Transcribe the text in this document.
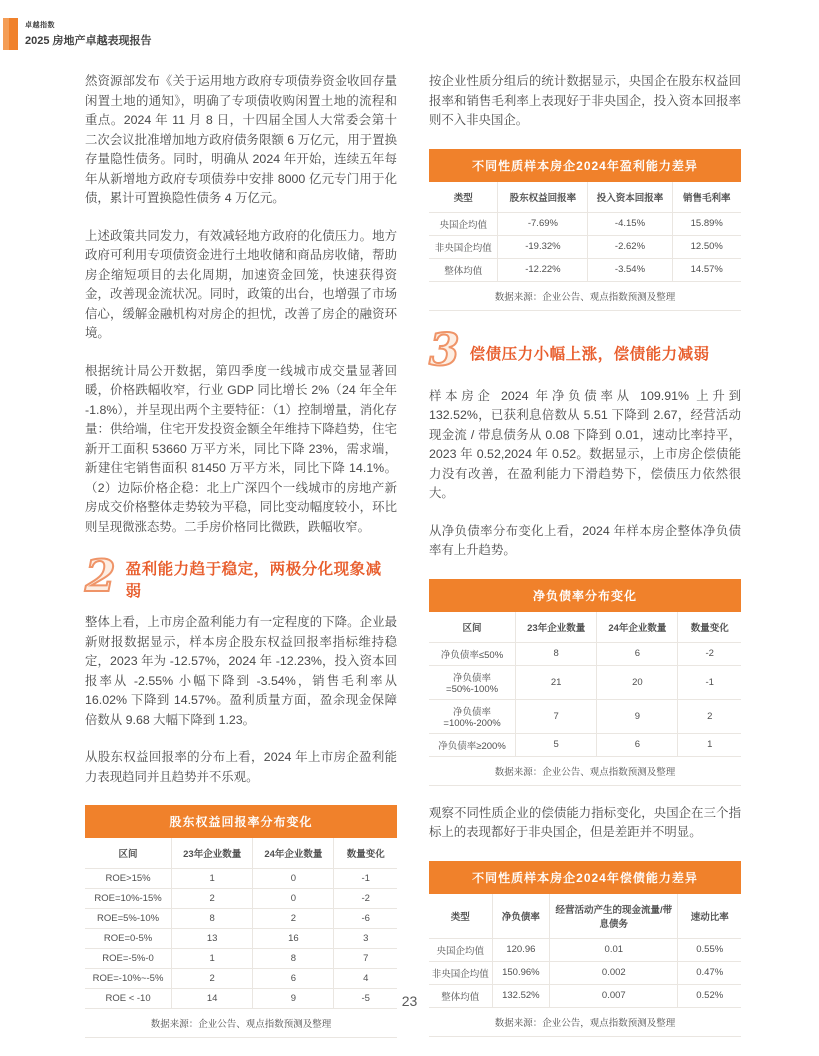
卓越指数
2025 房地产卓越表现报告

然资源部发布《关于运用地方政府专项债券资金收回存量闲置土地的通知》，明确了专项债收购闲置土地的流程和重点。2024 年 11 月 8 日，十四届全国人大常委会第十二次会议批准增加地方政府债务限额 6 万亿元，用于置换存量隐性债务。同时，明确从 2024 年开始，连续五年每年从新增地方政府专项债券中安排 8000 亿元专门用于化债，累计可置换隐性债务 4 万亿元。

上述政策共同发力，有效减轻地方政府的化债压力。地方政府可利用专项债资金进行土地收储和商品房收储，帮助房企缩短项目的去化周期，加速资金回笼，快速获得资金，改善现金流状况。同时，政策的出台，也增强了市场信心，缓解金融机构对房企的担忧，改善了房企的融资环境。

根据统计局公开数据，第四季度一线城市成交量显著回暖，价格跌幅收窄，行业 GDP 同比增长 2%（24 年全年 -1.8%），并呈现出两个主要特征：（1）控制增量，消化存量：供给端，住宅开发投资金额全年维持下降趋势，住宅新开工面积 53660 万平方米，同比下降 23%，需求端，新建住宅销售面积 81450 万平方米，同比下降 14.1%。（2）边际价格企稳：北上广深四个一线城市的房地产新房成交价格整体走势较为平稳，同比变动幅度较小，环比则呈现微涨态势。二手房价格同比微跌，跌幅收窄。

2 盈利能力趋于稳定，两极分化现象减弱

整体上看，上市房企盈利能力有一定程度的下降。企业最新财报数据显示，样本房企股东权益回报率指标维持稳定，2023 年为 -12.57%，2024 年 -12.23%，投入资本回报率从 -2.55% 小幅下降到 -3.54%，销售毛利率从 16.02% 下降到 14.57%。盈利质量方面，盈余现金保障倍数从 9.68 大幅下降到 1.23。

从股东权益回报率的分布上看，2024 年上市房企盈利能力表现趋同并且趋势并不乐观。

股东权益回报率分布变化
区间	23年企业数量	24年企业数量	数量变化
ROE>15%	1	0	-1
ROE=10%-15%	2	0	-2
ROE=5%-10%	8	2	-6
ROE=0-5%	13	16	3
ROE=-5%-0	1	8	7
ROE=-10%~-5%	2	6	4
ROE < -10	14	9	-5
数据来源：企业公告、观点指数预测及整理

按企业性质分组后的统计数据显示，央国企在股东权益回报率和销售毛利率上表现好于非央国企，投入资本回报率则不入非央国企。

不同性质样本房企2024年盈利能力差异
类型	股东权益回报率	投入资本回报率	销售毛利率
央国企均值	-7.69%	-4.15%	15.89%
非央国企均值	-19.32%	-2.62%	12.50%
整体均值	-12.22%	-3.54%	14.57%
数据来源：企业公告、观点指数预测及整理
3 偿债压力小幅上涨，偿债能力减弱

样本房企 2024 年净负债率从 109.91% 上升到 132.52%，已获利息倍数从 5.51 下降到 2.67，经营活动现金流 / 带息债务从 0.08 下降到 0.01，速动比率持平，2023 年 0.52,2024 年 0.52。数据显示，上市房企偿债能力没有改善，在盈利能力下滑趋势下，偿债压力依然很大。

从净负债率分布变化上看，2024 年样本房企整体净负债率有上升趋势。

净负债率分布变化
区间	23年企业数量	24年企业数量	数量变化
净负债率≤50%	8	6	-2
净负债率=50%-100%	21	20	-1
净负债率=100%-200%	7	9	2
净负债率≥200%	5	6	1
数据来源：企业公告、观点指数预测及整理

观察不同性质企业的偿债能力指标变化，央国企在三个指标上的表现都好于非央国企，但是差距并不明显。

不同性质样本房企2024年偿债能力差异
类型	净负债率	经营活动产生的现金流量/带息债务	速动比率
央国企均值	120.96	0.01	0.55%
非央国企均值	150.96%	0.002	0.47%
整体均值	132.52%	0.007	0.52%
数据来源：企业公告，观点指数预测及整理
23
